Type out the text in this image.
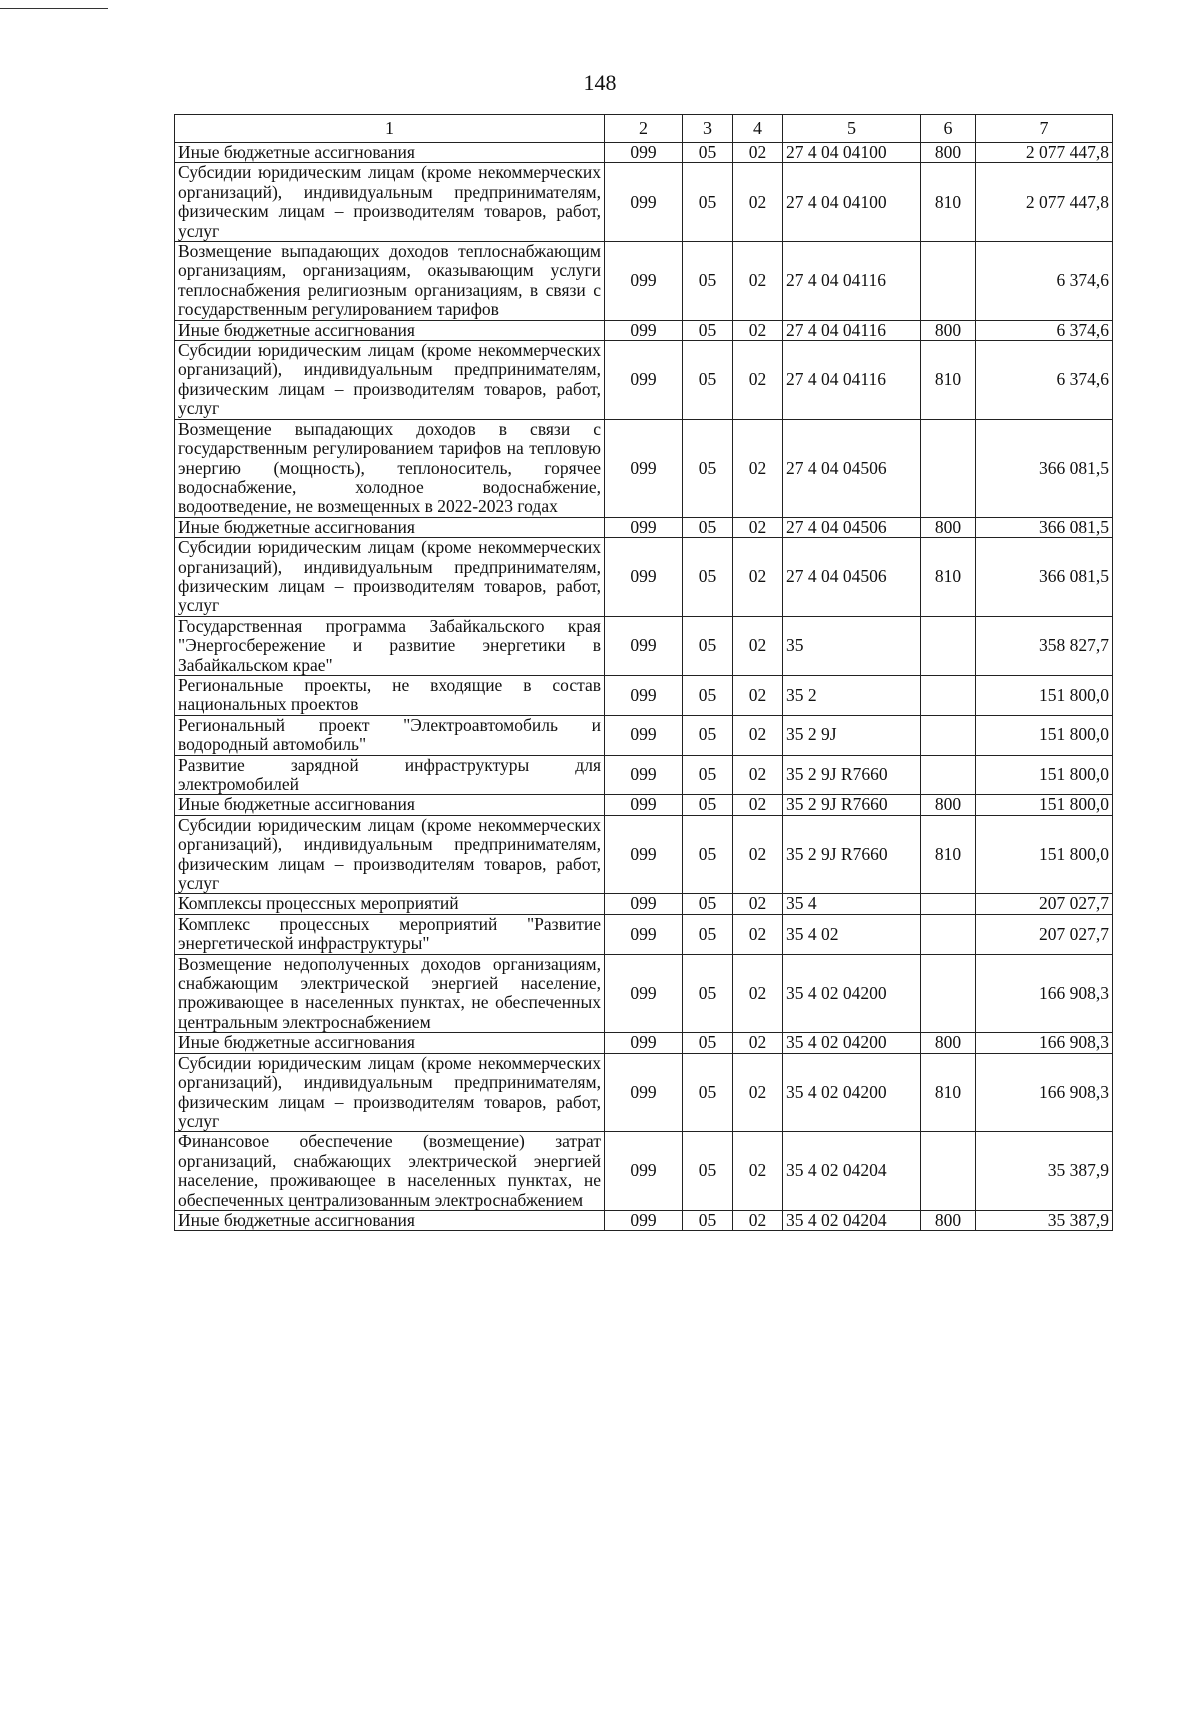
148
1	2	3	4	5	6	7
Иные бюджетные ассигнования	099	05	02	27 4 04 04100	800	2 077 447,8
Субсидии юридическим лицам (кроме некоммерческих организаций), индивидуальным предпринимателям, физическим лицам – производителям товаров, работ, услуг	099	05	02	27 4 04 04100	810	2 077 447,8
Возмещение выпадающих доходов теплоснабжающим организациям, организациям, оказывающим услуги теплоснабжения религиозным организациям, в связи с государственным регулированием тарифов	099	05	02	27 4 04 04116		6 374,6
Иные бюджетные ассигнования	099	05	02	27 4 04 04116	800	6 374,6
Субсидии юридическим лицам (кроме некоммерческих организаций), индивидуальным предпринимателям, физическим лицам – производителям товаров, работ, услуг	099	05	02	27 4 04 04116	810	6 374,6
Возмещение выпадающих доходов в связи с государственным регулированием тарифов на тепловую энергию (мощность), теплоноситель, горячее водоснабжение, холодное водоснабжение, водоотведение, не возмещенных в 2022-2023 годах	099	05	02	27 4 04 04506		366 081,5
Иные бюджетные ассигнования	099	05	02	27 4 04 04506	800	366 081,5
Субсидии юридическим лицам (кроме некоммерческих организаций), индивидуальным предпринимателям, физическим лицам – производителям товаров, работ, услуг	099	05	02	27 4 04 04506	810	366 081,5
Государственная программа Забайкальского края "Энергосбережение и развитие энергетики в Забайкальском крае"	099	05	02	35		358 827,7
Региональные проекты, не входящие в состав национальных проектов	099	05	02	35 2		151 800,0
Региональный проект "Электроавтомобиль и водородный автомобиль"	099	05	02	35 2 9J		151 800,0
Развитие зарядной инфраструктуры для электромобилей	099	05	02	35 2 9J R7660		151 800,0
Иные бюджетные ассигнования	099	05	02	35 2 9J R7660	800	151 800,0
Субсидии юридическим лицам (кроме некоммерческих организаций), индивидуальным предпринимателям, физическим лицам – производителям товаров, работ, услуг	099	05	02	35 2 9J R7660	810	151 800,0
Комплексы процессных мероприятий	099	05	02	35 4		207 027,7
Комплекс процессных мероприятий "Развитие энергетической инфраструктуры"	099	05	02	35 4 02		207 027,7
Возмещение недополученных доходов организациям, снабжающим электрической энергией население, проживающее в населенных пунктах, не обеспеченных центральным электроснабжением	099	05	02	35 4 02 04200		166 908,3
Иные бюджетные ассигнования	099	05	02	35 4 02 04200	800	166 908,3
Субсидии юридическим лицам (кроме некоммерческих организаций), индивидуальным предпринимателям, физическим лицам – производителям товаров, работ, услуг	099	05	02	35 4 02 04200	810	166 908,3
Финансовое обеспечение (возмещение) затрат организаций, снабжающих электрической энергией население, проживающее в населенных пунктах, не обеспеченных централизованным электроснабжением	099	05	02	35 4 02 04204		35 387,9
Иные бюджетные ассигнования	099	05	02	35 4 02 04204	800	35 387,9
